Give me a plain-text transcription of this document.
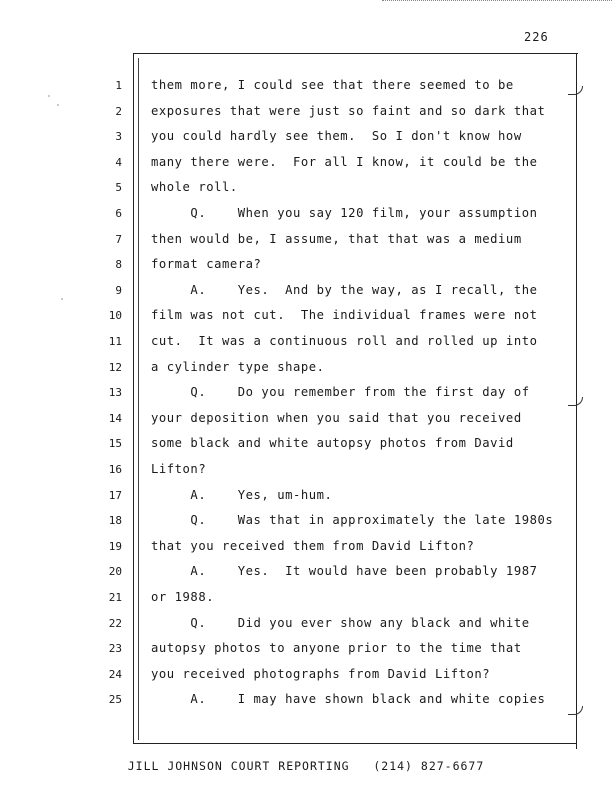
226
1 them more, I could see that there seemed to be
2 exposures that were just so faint and so dark that
3 you could hardly see them.  So I don't know how
4 many there were.  For all I know, it could be the
5 whole roll.
6 Q.    When you say 120 film, your assumption
7 then would be, I assume, that that was a medium
8 format camera?
9 A.    Yes.  And by the way, as I recall, the
10 film was not cut.  The individual frames were not
11 cut.  It was a continuous roll and rolled up into
12 a cylinder type shape.
13 Q.    Do you remember from the first day of
14 your deposition when you said that you received
15 some black and white autopsy photos from David
16 Lifton?
17 A.    Yes, um-hum.
18 Q.    Was that in approximately the late 1980s
19 that you received them from David Lifton?
20 A.    Yes.  It would have been probably 1987
21 or 1988.
22 Q.    Did you ever show any black and white
23 autopsy photos to anyone prior to the time that
24 you received photographs from David Lifton?
25 A.    I may have shown black and white copies
JILL JOHNSON COURT REPORTING   (214) 827-6677
